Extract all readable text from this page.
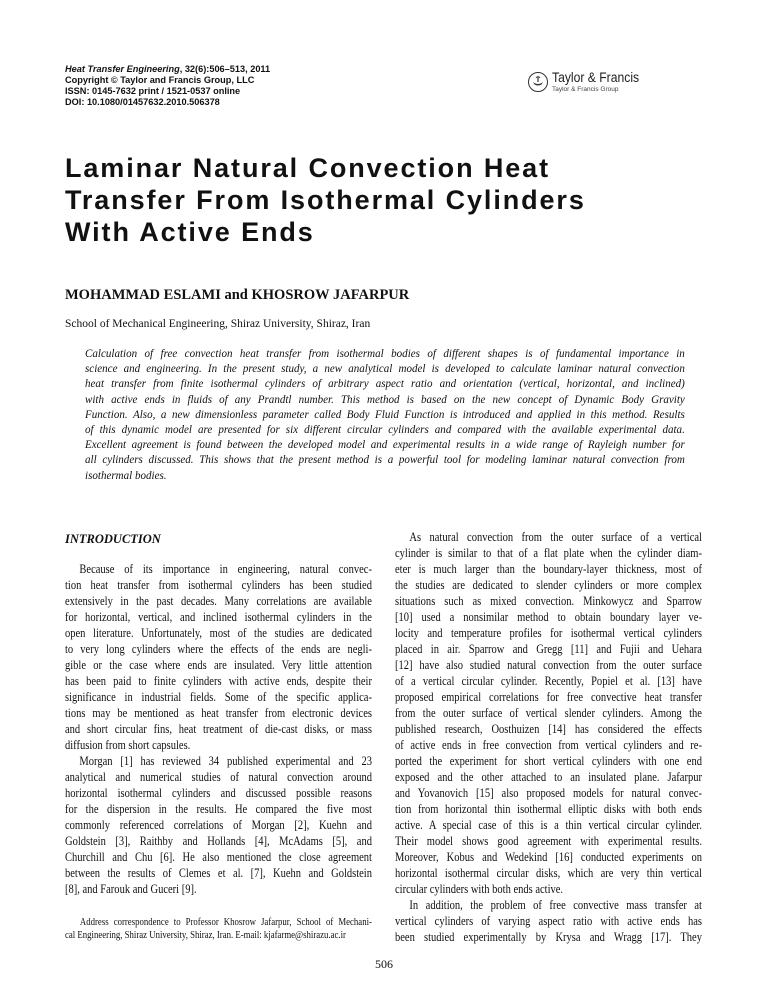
Heat Transfer Engineering, 32(6):506–513, 2011
Copyright © Taylor and Francis Group, LLC
ISSN: 0145-7632 print / 1521-0537 online
DOI: 10.1080/01457632.2010.506378
Taylor & Francis
Taylor & Francis Group
Laminar Natural Convection Heat
Transfer From Isothermal Cylinders
With Active Ends
MOHAMMAD ESLAMI and KHOSROW JAFARPUR
School of Mechanical Engineering, Shiraz University, Shiraz, Iran
Calculation of free convection heat transfer from isothermal bodies of different shapes is of fundamental importance in
science and engineering. In the present study, a new analytical model is developed to calculate laminar natural convection
heat transfer from finite isothermal cylinders of arbitrary aspect ratio and orientation (vertical, horizontal, and inclined)
with active ends in fluids of any Prandtl number. This method is based on the new concept of Dynamic Body Gravity
Function. Also, a new dimensionless parameter called Body Fluid Function is introduced and applied in this method. Results
of this dynamic model are presented for six different circular cylinders and compared with the available experimental data.
Excellent agreement is found between the developed model and experimental results in a wide range of Rayleigh number for
all cylinders discussed. This shows that the present method is a powerful tool for modeling laminar natural convection from
isothermal bodies.
INTRODUCTION
Because of its importance in engineering, natural convec-
tion heat transfer from isothermal cylinders has been studied
extensively in the past decades. Many correlations are available
for horizontal, vertical, and inclined isothermal cylinders in the
open literature. Unfortunately, most of the studies are dedicated
to very long cylinders where the effects of the ends are negli-
gible or the case where ends are insulated. Very little attention
has been paid to finite cylinders with active ends, despite their
significance in industrial fields. Some of the specific applica-
tions may be mentioned as heat transfer from electronic devices
and short circular fins, heat treatment of die-cast disks, or mass
diffusion from short capsules.
Morgan [1] has reviewed 34 published experimental and 23
analytical and numerical studies of natural convection around
horizontal isothermal cylinders and discussed possible reasons
for the dispersion in the results. He compared the five most
commonly referenced correlations of Morgan [2], Kuehn and
Goldstein [3], Raithby and Hollands [4], McAdams [5], and
Churchill and Chu [6]. He also mentioned the close agreement
between the results of Clemes et al. [7], Kuehn and Goldstein
[8], and Farouk and Guceri [9].
As natural convection from the outer surface of a vertical
cylinder is similar to that of a flat plate when the cylinder diam-
eter is much larger than the boundary-layer thickness, most of
the studies are dedicated to slender cylinders or more complex
situations such as mixed convection. Minkowycz and Sparrow
[10] used a nonsimilar method to obtain boundary layer ve-
locity and temperature profiles for isothermal vertical cylinders
placed in air. Sparrow and Gregg [11] and Fujii and Uehara
[12] have also studied natural convection from the outer surface
of a vertical circular cylinder. Recently, Popiel et al. [13] have
proposed empirical correlations for free convective heat transfer
from the outer surface of vertical slender cylinders. Among the
published research, Oosthuizen [14] has considered the effects
of active ends in free convection from vertical cylinders and re-
ported the experiment for short vertical cylinders with one end
exposed and the other attached to an insulated plane. Jafarpur
and Yovanovich [15] also proposed models for natural convec-
tion from horizontal thin isothermal elliptic disks with both ends
active. A special case of this is a thin vertical circular cylinder.
Their model shows good agreement with experimental results.
Moreover, Kobus and Wedekind [16] conducted experiments on
horizontal isothermal circular disks, which are very thin vertical
circular cylinders with both ends active.
In addition, the problem of free convective mass transfer at
vertical cylinders of varying aspect ratio with active ends has
been studied experimentally by Krysa and Wragg [17]. They
Address correspondence to Professor Khosrow Jafarpur, School of Mechani-
cal Engineering, Shiraz University, Shiraz, Iran. E-mail: kjafarme@shirazu.ac.ir
506
